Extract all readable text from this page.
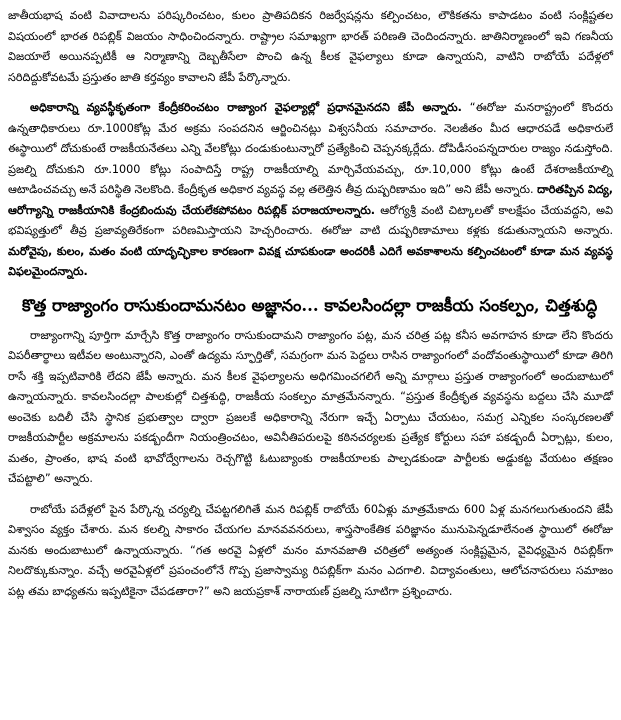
జాతీయభాష వంటి వివాదాలను పరిష్కరించటం, కులం ప్రాతిపదికన రిజర్వేషన్లను కల్పించటం, లౌకికతను కాపాడటం వంటి సంక్లిష్టతల విషయంలో భారత రిపబ్లిక్ విజయం సాధించిందన్నారు. రాష్ట్రాల సమాఖ్యగా భారత్ పరిణతి చెందిందన్నారు. జాతినిర్మాణంలో ఇవి గణనీయ విజయాలే అయినప్పటికీ ఆ నిర్మాణాన్ని దెబ్బతీసేలా పొంచి ఉన్న కీలక వైఫల్యాలు కూడా ఉన్నాయని, వాటిని రాబోయే పదేళ్లలో సరిదిద్దుకోవటమే ప్రస్తుతం జాతి కర్తవ్యం కావాలని జేపీ పేర్కొన్నారు.

అధికారాన్ని వ్యవస్థీకృతంగా కేంద్రీకరించటం రాజ్యాంగ వైఫల్యాల్లో ప్రధానమైనదని జేపీ అన్నారు. “ఈరోజు మనరాష్ట్రంలో కొందరు ఉన్నతాధికారులు రూ.1000కోట్ల మేర అక్రమ సంపదనిన ఆర్జించినట్లు విశ్వసనీయ సమాచారం. నెలజీతం మీద ఆధారపడే అధికారులే ఈస్థాయిలో దోచుకుంటే రాజకీయనేతలు ఎన్ని వేలకోట్లు దండుకుంటున్నారో ప్రత్యేకించి చెప్పనక్కర్లేదు. దోపిడీసంపన్నదారుల రాజ్యం నడుస్తోంది. ప్రజల్ని దోచుకుని రూ.1000 కోట్లు సంపాదిస్తే రాష్ట్ర రాజకీయాల్ని మార్చివేయవచ్చు, రూ.10,000 కోట్లు ఉంటే దేశరాజకీయాల్ని ఆటాడించవచ్చు అనే పరిస్థితి నెలకొంది. కేంద్రీకృత అధికార వ్యవస్థ వల్ల తలెత్తిన తీవ్ర దుష్పరిణామం ఇది” అని జేపీ అన్నారు. దారితప్పిన విద్య, ఆరోగ్యాన్ని రాజకీయానికి కేంద్రబిందువు చేయలేకపోవటం రిపబ్లిక్ పరాజయాలన్నారు. ఆరోగ్యశ్రీ వంటి చిట్కాలతో కాలక్షేపం చేయవద్దని, అవి భవిష్యత్తులో తీవ్ర ప్రజావ్యతిరేకంగా పరిణమిస్తాయని హెచ్చరించారు. ఈరోజు వాటి దుష్పరిణామాలు కళ్లకు కడుతున్నాయని అన్నారు. మరోవైపు, కులం, మతం వంటి యాదృచ్ఛికాల కారణంగా వివక్ష చూపకుండా అందరికీ ఎదిగే అవకాశాలను కల్పించటంలో కూడా మన వ్యవస్థ విఫలమైందన్నారు.

కొత్త రాజ్యాంగం రాసుకుందామనటం అజ్ఞానం... కావలసిందల్లా రాజకీయ సంకల్పం, చిత్తశుద్ధి

రాజ్యాంగాన్ని పూర్తిగా మార్చేసి కొత్త రాజ్యాంగం రాసుకుందామని రాజ్యాంగం పట్ల, మన చరిత్ర పట్ల కనీస అవగాహన కూడా లేని కొందరు విపరీతార్థాలు ఇటీవల అంటున్నారని, ఎంతో ఉద్యమ స్ఫూర్తితో, సమగ్రంగా మన పెద్దలు రాసిన రాజ్యాంగంలో వందోవంతుస్థాయిలో కూడా తిరిగి రాసే శక్తి ఇప్పటివారికి లేదని జేపీ అన్నారు. మన కీలక వైఫల్యాలను అధిగమించగలిగే అన్ని మార్గాలు ప్రస్తుత రాజ్యాంగంలో అందుబాటులో ఉన్నాయన్నారు. కావలసిందల్లా పాలకుల్లో చిత్తశుద్ధి, రాజకీయ సంకల్పం మాత్రమేనన్నారు. “ప్రస్తుత కేంద్రీకృత వ్యవస్థను బద్దలు చేసి మూడో అంచెకు బదిలీ చేసి స్థానిక ప్రభుత్వాల ద్వారా ప్రజలకే అధికారాన్ని నేరుగా ఇచ్చే ఏర్పాటు చేయటం, సమగ్ర ఎన్నికల సంస్కరణలతో రాజకీయపార్టీల అక్రమాలను పకడ్బందీగా నియంత్రించటం, అవినీతిపరులపై కఠినచర్యలకు ప్రత్యేక కోర్టులు సహా పకడ్బందీ ఏర్పాట్లు, కులం, మతం, ప్రాంతం, భాష వంటి భావోద్వేగాలను రెచ్చగొట్టి ఓటుబ్యాంకు రాజకీయాలకు పాల్పడకుండా పార్టీలకు అడ్డుకట్ట వేయటం తక్షణం చేపట్టాలి” అన్నారు.

రాబోయే పదేళ్లలో పైన పేర్కొన్న చర్యల్ని చేపట్టగలిగితే మన రిపబ్లిక్ రాబోయే 60ఏళ్లు మాత్రమేకాదు 600 ఏళ్ల మనగలుగుతుందని జేపీ విశ్వాసం వ్యక్తం చేశారు. మన కలల్ని సాకారం చేయగల మానవవనరులు, శాస్త్రసాంకేతిక పరిజ్ఞానం మునుపెన్నడూలేనంత స్థాయిలో ఈరోజు మనకు అందుబాటులో ఉన్నాయన్నారు. “గత అరవై ఏళ్లలో మనం మానవజాతి చరిత్రలో అత్యంత సంక్లిష్టమైన, వైవిధ్యమైన రిపబ్లిక్‌గా నిలదొక్కుకున్నాం. వచ్చే అరవైఏళ్లలో ప్రపంచంలోనే గొప్ప ప్రజాస్వామ్య రిపబ్లిక్‌గా మనం ఎదగాలి. విద్యావంతులు, ఆలోచనాపరులు సమాజం పట్ల తమ బాధ్యతను ఇప్పటికైనా చేపడతారా?” అని జయప్రకాశ్ నారాయణ్ ప్రజల్ని సూటిగా ప్రశ్నించారు.
